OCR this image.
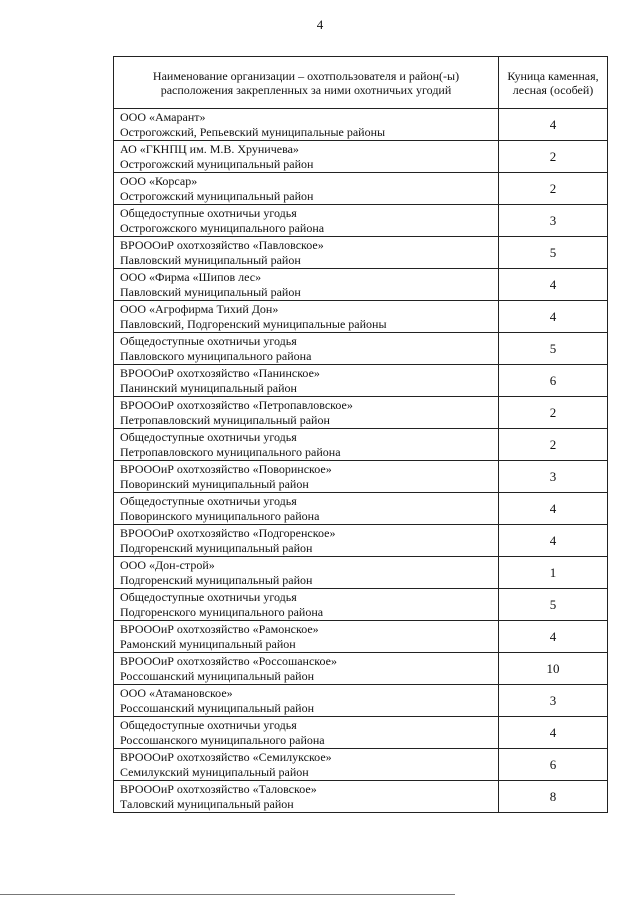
4
Наименование организации – охотпользователя и район(-ы) расположения закрепленных за ними охотничьих угодий	Куница каменная, лесная (особей)

ООО «Амарант»
Острогожский, Репьевский муниципальные районы	4

АО «ГКНПЦ им. М.В. Хруничева»
Острогожский муниципальный район	2

ООО «Корсар»
Острогожский муниципальный район	2

Общедоступные охотничьи угодья
Острогожского муниципального района	3

ВРОООиР охотхозяйство «Павловское»
Павловский муниципальный район	5

ООО «Фирма «Шипов лес»
Павловский муниципальный район	4

ООО «Агрофирма Тихий Дон»
Павловский, Подгоренский муниципальные районы	4

Общедоступные охотничьи угодья
Павловского муниципального района	5

ВРОООиР охотхозяйство «Панинское»
Панинский муниципальный район	6

ВРОООиР охотхозяйство «Петропавловское»
Петропавловский муниципальный район	2

Общедоступные охотничьи угодья
Петропавловского муниципального района	2

ВРОООиР охотхозяйство «Поворинское»
Поворинский муниципальный район	3

Общедоступные охотничьи угодья
Поворинского муниципального района	4

ВРОООиР охотхозяйство «Подгоренское»
Подгоренский муниципальный район	4

ООО «Дон-строй»
Подгоренский муниципальный район	1

Общедоступные охотничьи угодья
Подгоренского муниципального района	5

ВРОООиР охотхозяйство «Рамонское»
Рамонский муниципальный район	4

ВРОООиР охотхозяйство «Россошанское»
Россошанский муниципальный район	10

ООО «Атамановское»
Россошанский муниципальный район	3

Общедоступные охотничьи угодья
Россошанского муниципального района	4

ВРОООиР охотхозяйство «Семилукское»
Семилукский муниципальный район	6

ВРОООиР охотхозяйство «Таловское»
Таловский муниципальный район	8
